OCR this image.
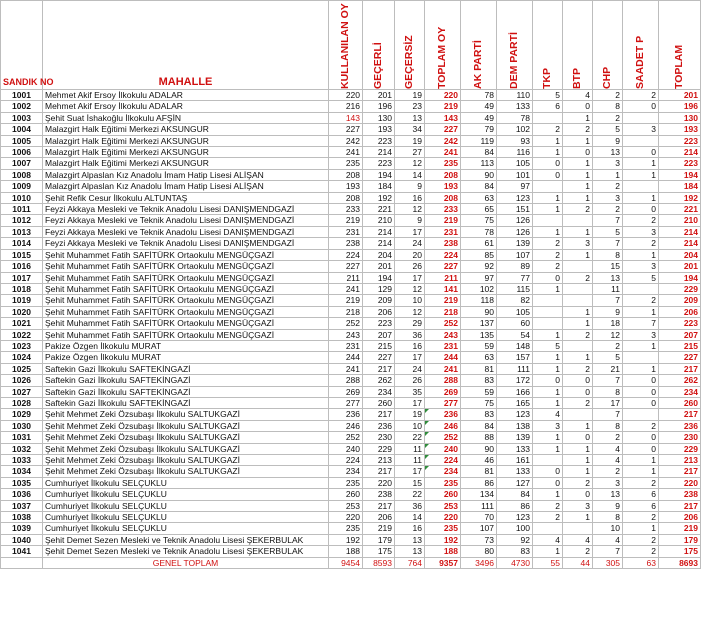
SANDIK NO	MAHALLE	KULLANILAN OY	GEÇERLİ	GEÇERSİZ	TOPLAM OY	AK PARTİ	DEM PARTİ	TKP	BTP	CHP	SAADET P	TOPLAM

1001	Mehmet Akif Ersoy İlkokulu ADALAR	220	201	19	220	78	110	5	4	2	2	201
1002	Mehmet Akif Ersoy İlkokulu ADALAR	216	196	23	219	49	133	6	0	8	0	196
1003	Şehit Suat İshakoğlu İlkokulu AFŞİN	143	130	13	143	49	78		1	2		130
1004	Malazgirt Halk Eğitimi Merkezi AKSUNGUR	227	193	34	227	79	102	2	2	5	3	193
1005	Malazgirt Halk Eğitimi Merkezi AKSUNGUR	242	223	19	242	119	93	1	1	9		223
1006	Malazgirt Halk Eğitimi Merkezi AKSUNGUR	241	214	27	241	84	116	1	0	13	0	214
1007	Malazgirt Halk Eğitimi Merkezi AKSUNGUR	235	223	12	235	113	105	0	1	3	1	223
1008	Malazgirt Alpaslan Kız Anadolu İmam Hatip Lisesi ALİŞAN	208	194	14	208	90	101	0	1	1	1	194
1009	Malazgirt Alpaslan Kız Anadolu İmam Hatip Lisesi ALİŞAN	193	184	9	193	84	97		1	2		184
1010	Şehit Refik Cesur İlkokulu ALTUNTAŞ	208	192	16	208	63	123	1	1	3	1	192
1011	Feyzi Akkaya Mesleki ve Teknik Anadolu Lisesi DANIŞMENDGAZİ	233	221	12	233	65	151	1	2	2	0	221
1012	Feyzi Akkaya Mesleki ve Teknik Anadolu Lisesi DANIŞMENDGAZİ	219	210	9	219	75	126			7	2	210
1013	Feyzi Akkaya Mesleki ve Teknik Anadolu Lisesi DANIŞMENDGAZİ	231	214	17	231	78	126	1	1	5	3	214
1014	Feyzi Akkaya Mesleki ve Teknik Anadolu Lisesi DANIŞMENDGAZİ	238	214	24	238	61	139	2	3	7	2	214
1015	Şehit Muhammet Fatih SAFİTÜRK Ortaokulu MENGÜÇGAZİ	224	204	20	224	85	107	2	1	8	1	204
1016	Şehit Muhammet Fatih SAFİTÜRK Ortaokulu MENGÜÇGAZİ	227	201	26	227	92	89	2		15	3	201
1017	Şehit Muhammet Fatih SAFİTÜRK Ortaokulu MENGÜÇGAZİ	211	194	17	211	97	77	0	2	13	5	194
1018	Şehit Muhammet Fatih SAFİTÜRK Ortaokulu MENGÜÇGAZİ	241	129	12	141	102	115	1		11		229
1019	Şehit Muhammet Fatih SAFİTÜRK Ortaokulu MENGÜÇGAZİ	219	209	10	219	118	82			7	2	209
1020	Şehit Muhammet Fatih SAFİTÜRK Ortaokulu MENGÜÇGAZİ	218	206	12	218	90	105		1	9	1	206
1021	Şehit Muhammet Fatih SAFİTÜRK Ortaokulu MENGÜÇGAZİ	252	223	29	252	137	60		1	18	7	223
1022	Şehit Muhammet Fatih SAFİTÜRK Ortaokulu MENGÜÇGAZİ	243	207	36	243	135	54	1	2	12	3	207
1023	Pakize Özgen İlkokulu MURAT	231	215	16	231	59	148	5		2	1	215
1024	Pakize Özgen İlkokulu MURAT	244	227	17	244	63	157	1	1	5		227
1025	Saftekin Gazi İlkokulu SAFTEKİNGAZİ	241	217	24	241	81	111	1	2	21	1	217
1026	Saftekin Gazi İlkokulu SAFTEKİNGAZİ	288	262	26	288	83	172	0	0	7	0	262
1027	Saftekin Gazi İlkokulu SAFTEKİNGAZİ	269	234	35	269	59	166	1	0	8	0	234
1028	Saftekin Gazi İlkokulu SAFTEKİNGAZİ	277	260	17	277	75	165	1	2	17	0	260
1029	Şehit Mehmet Zeki Özsubaşı İlkokulu SALTUKGAZİ	236	217	19	236	83	123	4		7		217
1030	Şehit Mehmet Zeki Özsubaşı İlkokulu SALTUKGAZİ	246	236	10	246	84	138	3	1	8	2	236
1031	Şehit Mehmet Zeki Özsubaşı İlkokulu SALTUKGAZİ	252	230	22	252	88	139	1	0	2	0	230
1032	Şehit Mehmet Zeki Özsubaşı İlkokulu SALTUKGAZİ	240	229	11	240	90	133	1	1	4	0	229
1033	Şehit Mehmet Zeki Özsubaşı İlkokulu SALTUKGAZİ	224	213	11	224	46	161		1	4	1	213
1034	Şehit Mehmet Zeki Özsubaşı İlkokulu SALTUKGAZİ	234	217	17	234	81	133	0	1	2	1	217
1035	Cumhuriyet İlkokulu SELÇUKLU	235	220	15	235	86	127	0	2	3	2	220
1036	Cumhuriyet İlkokulu SELÇUKLU	260	238	22	260	134	84	1	0	13	6	238
1037	Cumhuriyet İlkokulu SELÇUKLU	253	217	36	253	111	86	2	3	9	6	217
1038	Cumhuriyet İlkokulu SELÇUKLU	220	206	14	220	70	123	2	1	8	2	206
1039	Cumhuriyet İlkokulu SELÇUKLU	235	219	16	235	107	100			10	1	219
1040	Şehit Demet Sezen Mesleki ve Teknik Anadolu Lisesi ŞEKERBULAK	192	179	13	192	73	92	4	4	4	2	179
1041	Şehit Demet Sezen Mesleki ve Teknik Anadolu Lisesi ŞEKERBULAK	188	175	13	188	80	83	1	2	7	2	175
	GENEL TOPLAM	9454	8593	764	9357	3496	4730	55	44	305	63	8693
